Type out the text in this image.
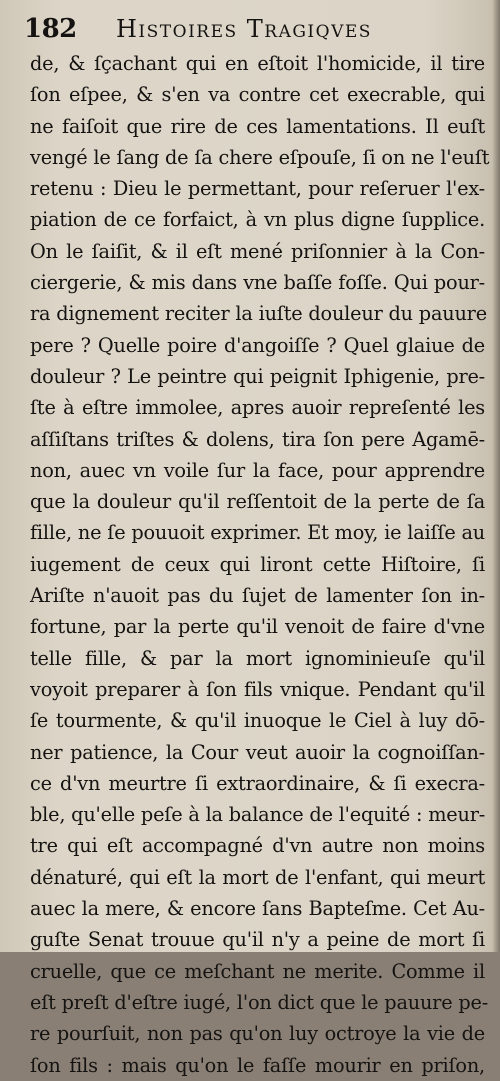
182 Histoires Tragiqves
de, & ſçachant qui en eſtoit l'homicide, il tire
ſon eſpee, & s'en va contre cet execrable, qui
ne faiſoit que rire de ces lamentations. Il euſt
vengé le ſang de ſa chere eſpouſe, ſi on ne l'euſt
retenu : Dieu le permettant, pour reſeruer l'ex-
piation de ce forfaict, à vn plus digne ſupplice.
On le ſaiſit, & il eſt mené priſonnier à la Con-
ciergerie, & mis dans vne baſſe foſſe. Qui pour-
ra dignement reciter la iuſte douleur du pauure
pere ? Quelle poire d'angoiſſe ? Quel glaiue de
douleur ? Le peintre qui peignit Iphigenie, pre-
ſte à eſtre immolee, apres auoir repreſenté les
aſſiſtans triſtes & dolens, tira ſon pere Agamē-
non, auec vn voile ſur la face, pour apprendre
que la douleur qu'il reſſentoit de la perte de ſa
fille, ne ſe pouuoit exprimer. Et moy, ie laiſſe au
iugement de ceux qui liront cette Hiſtoire, ſi
Ariſte n'auoit pas du ſujet de lamenter ſon in-
fortune, par la perte qu'il venoit de faire d'vne
telle fille, & par la mort ignominieuſe qu'il
voyoit preparer à ſon fils vnique. Pendant qu'il
ſe tourmente, & qu'il inuoque le Ciel à luy dō-
ner patience, la Cour veut auoir la cognoiſſan-
ce d'vn meurtre ſi extraordinaire, & ſi execra-
ble, qu'elle peſe à la balance de l'equité : meur-
tre qui eſt accompagné d'vn autre non moins
dénaturé, qui eſt la mort de l'enfant, qui meurt
auec la mere, & encore ſans Bapteſme. Cet Au-
guſte Senat trouue qu'il n'y a peine de mort ſi
cruelle, que ce meſchant ne merite. Comme il
eſt preſt d'eſtre iugé, l'on dict que le pauure pe-
re pourſuit, non pas qu'on luy octroye la vie de
ſon fils : mais qu'on le faſſe mourir en priſon,
